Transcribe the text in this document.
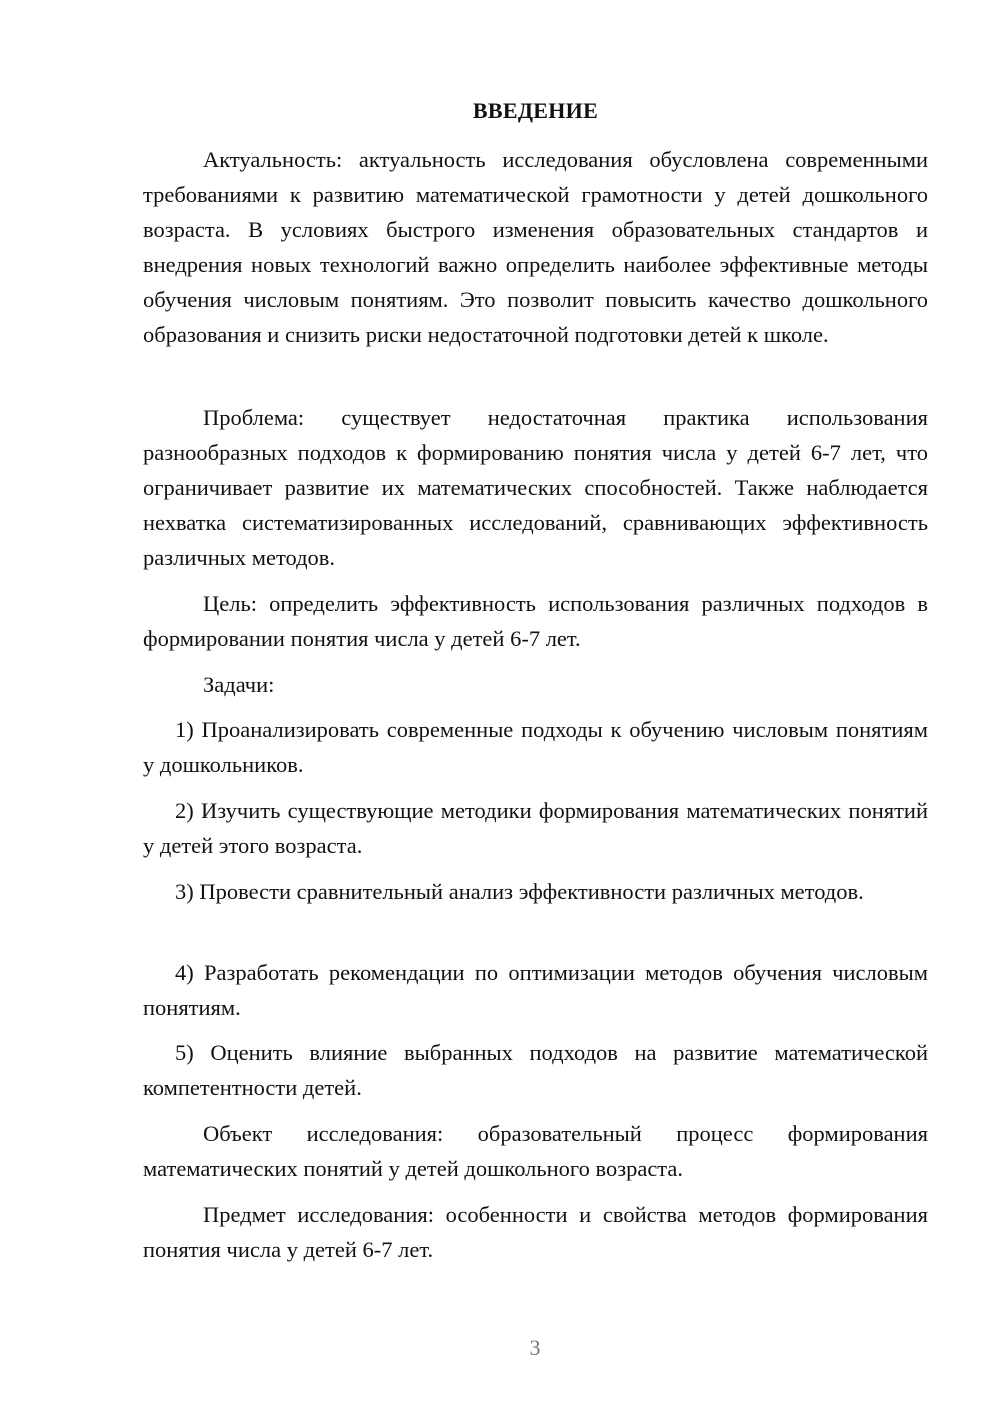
ВВЕДЕНИЕ

Актуальность: актуальность исследования обусловлена современными требованиями к развитию математической грамотности у детей дошкольного возраста. В условиях быстрого изменения образовательных стандартов и внедрения новых технологий важно определить наиболее эффективные методы обучения числовым понятиям. Это позволит повысить качество дошкольного образования и снизить риски недостаточной подготовки детей к школе.

Проблема: существует недостаточная практика использования разнообразных подходов к формированию понятия числа у детей 6-7 лет, что ограничивает развитие их математических способностей. Также наблюдается нехватка систематизированных исследований, сравнивающих эффективность различных методов.

Цель: определить эффективность использования различных подходов в формировании понятия числа у детей 6-7 лет.

Задачи:

1) Проанализировать современные подходы к обучению числовым понятиям у дошкольников.

2) Изучить существующие методики формирования математических понятий у детей этого возраста.

3) Провести сравнительный анализ эффективности различных методов.

4) Разработать рекомендации по оптимизации методов обучения числовым понятиям.

5) Оценить влияние выбранных подходов на развитие математической компетентности детей.

Объект исследования: образовательный процесс формирования математических понятий у детей дошкольного возраста.

Предмет исследования: особенности и свойства методов формирования понятия числа у детей 6-7 лет.

3
